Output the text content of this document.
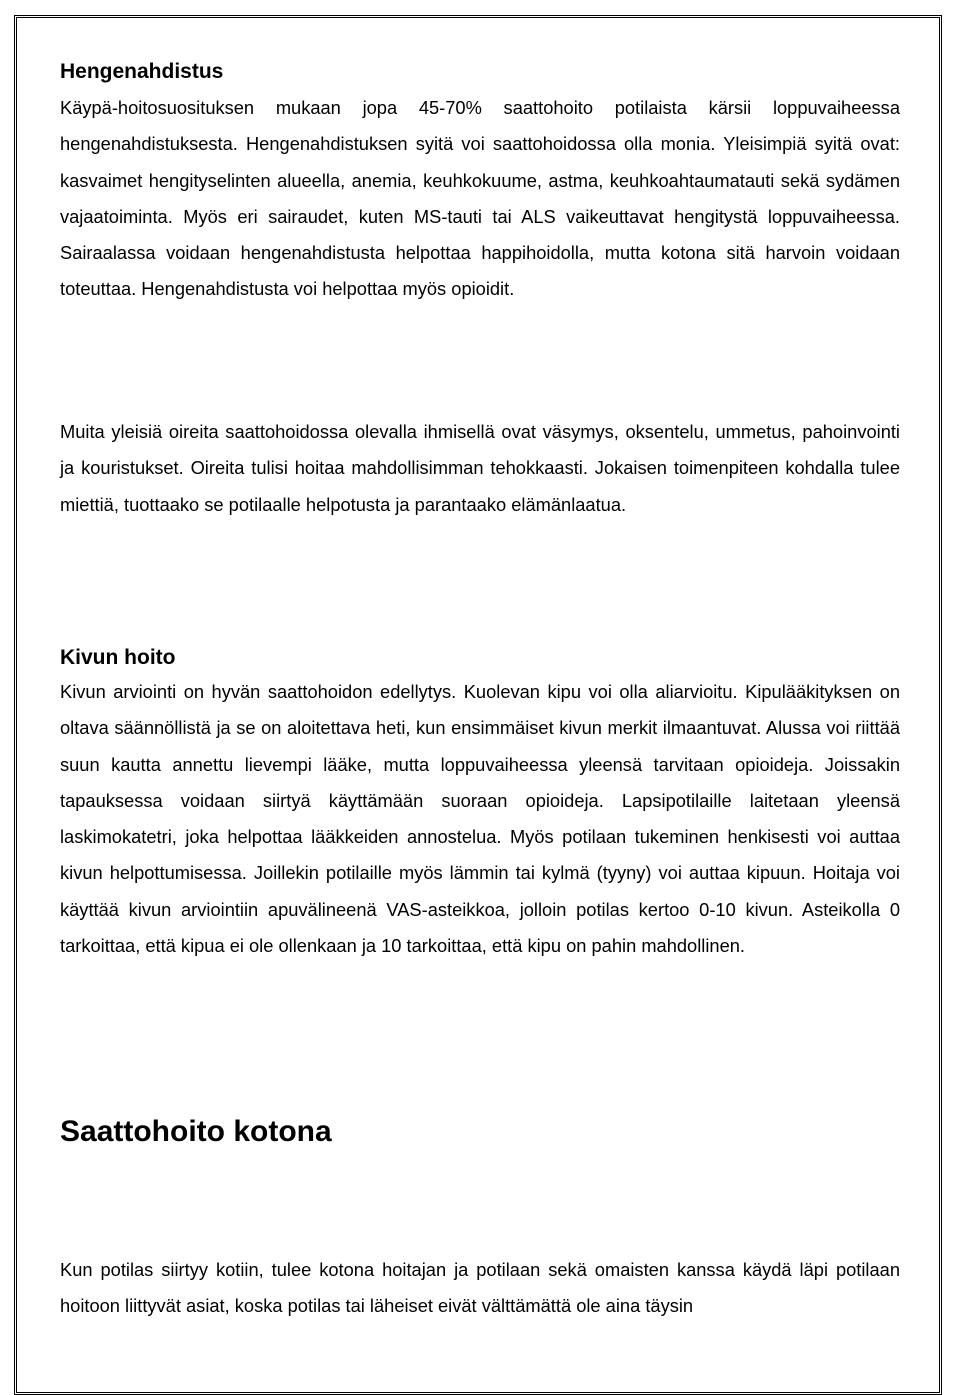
Hengenahdistus

Käypä-hoitosuosituksen mukaan jopa 45-70% saattohoito potilaista kärsii loppuvaiheessa hengenahdistuksesta. Hengenahdistuksen syitä voi saattohoidossa olla monia. Yleisimpiä syitä ovat: kasvaimet hengityselinten alueella, anemia, keuhkokuume, astma, keuhkoahtaumatauti sekä sydämen vajaatoiminta. Myös eri sairaudet, kuten MS-tauti tai ALS vaikeuttavat hengitystä loppuvaiheessa. Sairaalassa voidaan hengenahdistusta helpottaa happihoidolla, mutta kotona sitä harvoin voidaan toteuttaa. Hengenahdistusta voi helpottaa myös opioidit.

Muita yleisiä oireita saattohoidossa olevalla ihmisellä ovat väsymys, oksentelu, ummetus, pahoinvointi ja kouristukset. Oireita tulisi hoitaa mahdollisimman tehokkaasti. Jokaisen toimenpiteen kohdalla tulee miettiä, tuottaako se potilaalle helpotusta ja parantaako elämänlaatua.

Kivun hoito

Kivun arviointi on hyvän saattohoidon edellytys. Kuolevan kipu voi olla aliarvioitu. Kipulääkityksen on oltava säännöllistä ja se on aloitettava heti, kun ensimmäiset kivun merkit ilmaantuvat. Alussa voi riittää suun kautta annettu lievempi lääke, mutta loppuvaiheessa yleensä tarvitaan opioideja. Joissakin tapauksessa voidaan siirtyä käyttämään suoraan opioideja. Lapsipotilaille laitetaan yleensä laskimokatetri, joka helpottaa lääkkeiden annostelua. Myös potilaan tukeminen henkisesti voi auttaa kivun helpottumisessa. Joillekin potilaille myös lämmin tai kylmä (tyyny) voi auttaa kipuun. Hoitaja voi käyttää kivun arviointiin apuvälineenä VAS-asteikkoa, jolloin potilas kertoo 0-10 kivun. Asteikolla 0 tarkoittaa, että kipua ei ole ollenkaan ja 10 tarkoittaa, että kipu on pahin mahdollinen.

Saattohoito kotona

Kun potilas siirtyy kotiin, tulee kotona hoitajan ja potilaan sekä omaisten kanssa käydä läpi potilaan hoitoon liittyvät asiat, koska potilas tai läheiset eivät välttämättä ole aina täysin
